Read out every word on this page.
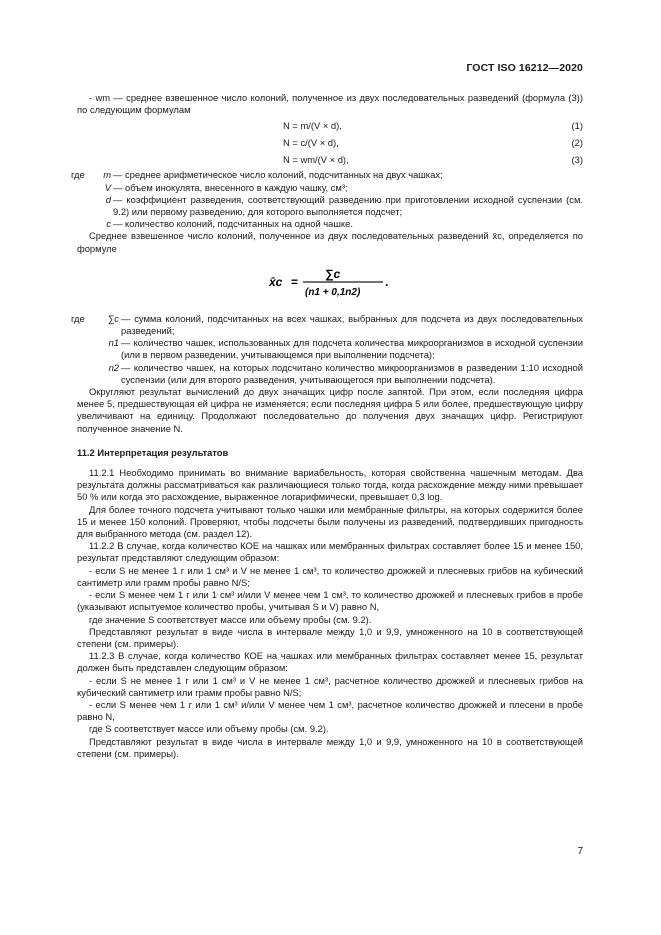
ГОСТ ISO 16212—2020

- wm — среднее взвешенное число колоний, полученное из двух последовательных разведений (формула (3)) по следующим формулам

N = m/(V × d),	(1)
N = c/(V × d),	(2)
N = wm/(V × d),	(3)
где	m — среднее арифметическое число колоний, подсчитанных на двух чашках;
V — объем инокулята, внесенного в каждую чашку, см³;
d — коэффициент разведения, соответствующий разведению при приготовлении исходной суспензии (см. 9.2) или первому разведению, для которого выполняется подсчет;
c — количество колоний, подсчитанных на одной чашке.

Среднее взвешенное число колоний, полученное из двух последовательных разведений x̄c, определяется по формуле

x̄c =
∑c
(n1 + 0,1n2)
.
где	∑c — сумма колоний, подсчитанных на всех чашках, выбранных для подсчета из двух последовательных разведений;
n1 — количество чашек, использованных для подсчета количества микроорганизмов в исходной суспензии (или в первом разведении, учитывающемся при выполнении подсчета);
n2 — количество чашек, на которых подсчитано количество микроорганизмов в разведении 1:10 исходной суспензии (или для второго разведения, учитывающегося при выполнении подсчета).

Округляют результат вычислений до двух значащих цифр после запятой. При этом, если последняя цифра менее 5, предшествующая ей цифра не изменяется; если последняя цифра 5 или более, предшествующую цифру увеличивают на единицу. Продолжают последовательно до получения двух значащих цифр. Регистрируют полученное значение N.

11.2 Интерпретация результатов

11.2.1 Необходимо принимать во внимание вариабельность, которая свойственна чашечным методам. Два результата должны рассматриваться как различающиеся только тогда, когда расхождение между ними превышает 50 % или когда это расхождение, выраженное логарифмически, превышает 0,3 log.

Для более точного подсчета учитывают только чашки или мембранные фильтры, на которых содержится более 15 и менее 150 колоний. Проверяют, чтобы подсчеты были получены из разведений, подтвердивших пригодность для выбранного метода (см. раздел 12).

11.2.2 В случае, когда количество КОЕ на чашках или мембранных фильтрах составляет более 15 и менее 150, результат представляют следующим образом:

- если S не менее 1 г или 1 см³ и V не менее 1 см³, то количество дрожжей и плесневых грибов на кубический сантиметр или грамм пробы равно N/S;

- если S менее чем 1 г или 1 см³ и/или V менее чем 1 см³, то количество дрожжей и плесневых грибов в пробе (указывают испытуемое количество пробы, учитывая S и V) равно N,

где значение S соответствует массе или объему пробы (см. 9.2).

Представляют результат в виде числа в интервале между 1,0 и 9,9, умноженного на 10 в соответствующей степени (см. примеры).

11.2.3 В случае, когда количество КОЕ на чашках или мембранных фильтрах составляет менее 15, результат должен быть представлен следующим образом:

- если S не менее 1 г или 1 см³ и V не менее 1 см³, расчетное количество дрожжей и плесневых грибов на кубический сантиметр или грамм пробы равно N/S;

- если S менее чем 1 г или 1 см³ и/или V менее чем 1 см³, расчетное количество дрожжей и плесени в пробе равно N,

где S соответствует массе или объему пробы (см. 9.2).

Представляют результат в виде числа в интервале между 1,0 и 9,9, умноженного на 10 в соответствующей степени (см. примеры).

7
